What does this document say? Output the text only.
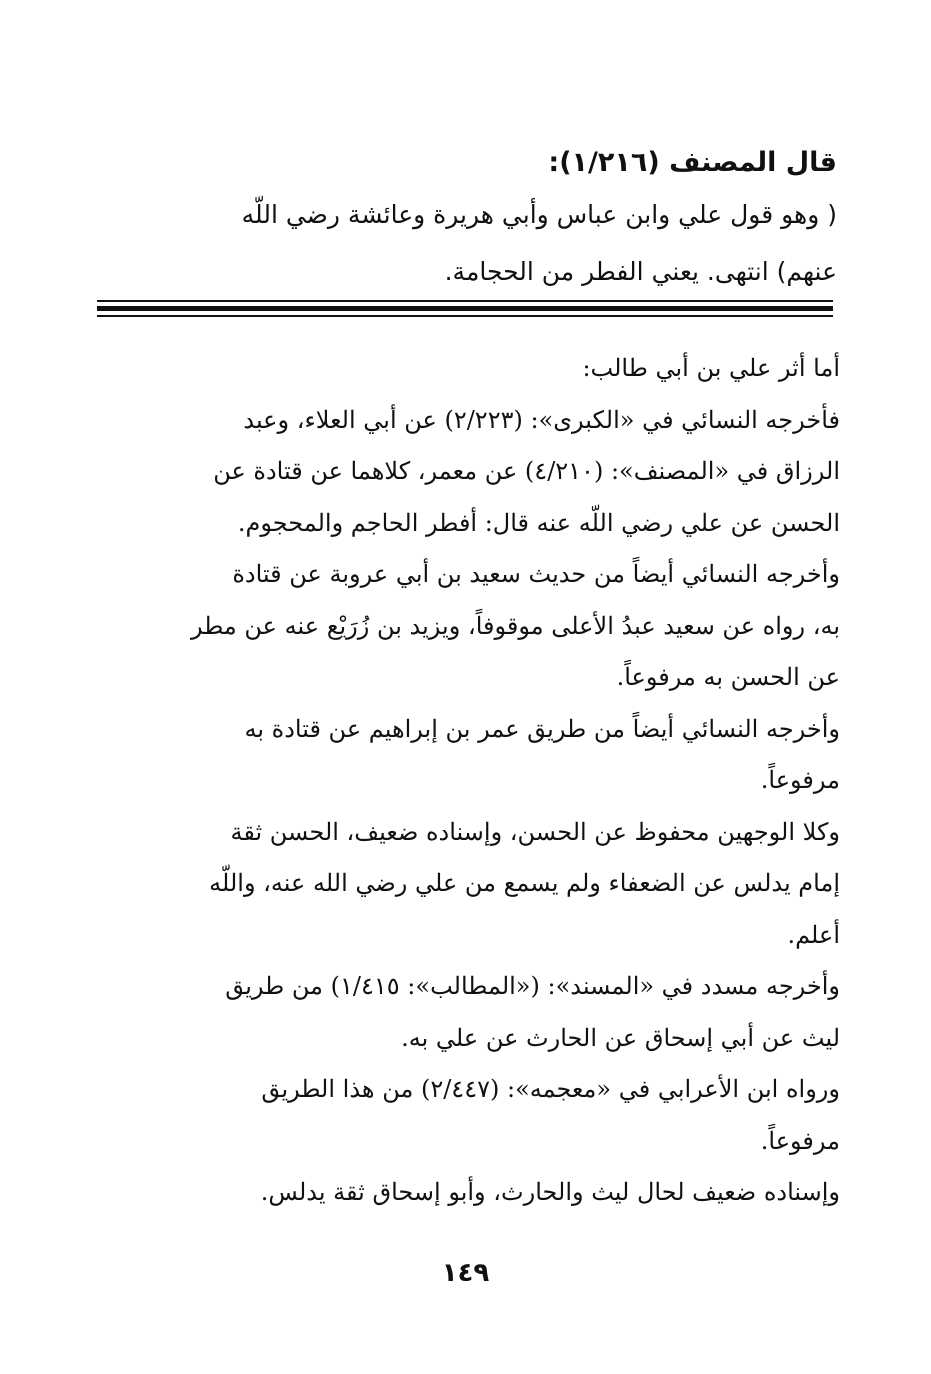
قال المصنف (١/٢١٦):

( وهو قول علي وابن عباس وأبي هريرة وعائشة رضي اللّه

عنهم) انتهى. يعني الفطر من الحجامة.

أما أثر علي بن أبي طالب:

فأخرجه النسائي في «الكبرى»: (٢/٢٢٣) عن أبي العلاء، وعبد
الرزاق في «المصنف»: (٤/٢١٠) عن معمر، كلاهما عن قتادة عن
الحسن عن علي رضي اللّه عنه قال: أفطر الحاجم والمحجوم.

وأخرجه النسائي أيضاً من حديث سعيد بن أبي عروبة عن قتادة
به، رواه عن سعيد عبدُ الأعلى موقوفاً، ويزيد بن زُرَيْع عنه عن مطر
عن الحسن به مرفوعاً.

وأخرجه النسائي أيضاً من طريق عمر بن إبراهيم عن قتادة به
مرفوعاً.

وكلا الوجهين محفوظ عن الحسن، وإسناده ضعيف، الحسن ثقة
إمام يدلس عن الضعفاء ولم يسمع من علي رضي الله عنه، واللّه
أعلم.

وأخرجه مسدد في «المسند»: («المطالب»: ١/٤١٥) من طريق
ليث عن أبي إسحاق عن الحارث عن علي به.

ورواه ابن الأعرابي في «معجمه»: (٢/٤٤٧) من هذا الطريق
مرفوعاً.

وإسناده ضعيف لحال ليث والحارث، وأبو إسحاق ثقة يدلس.

١٤٩
